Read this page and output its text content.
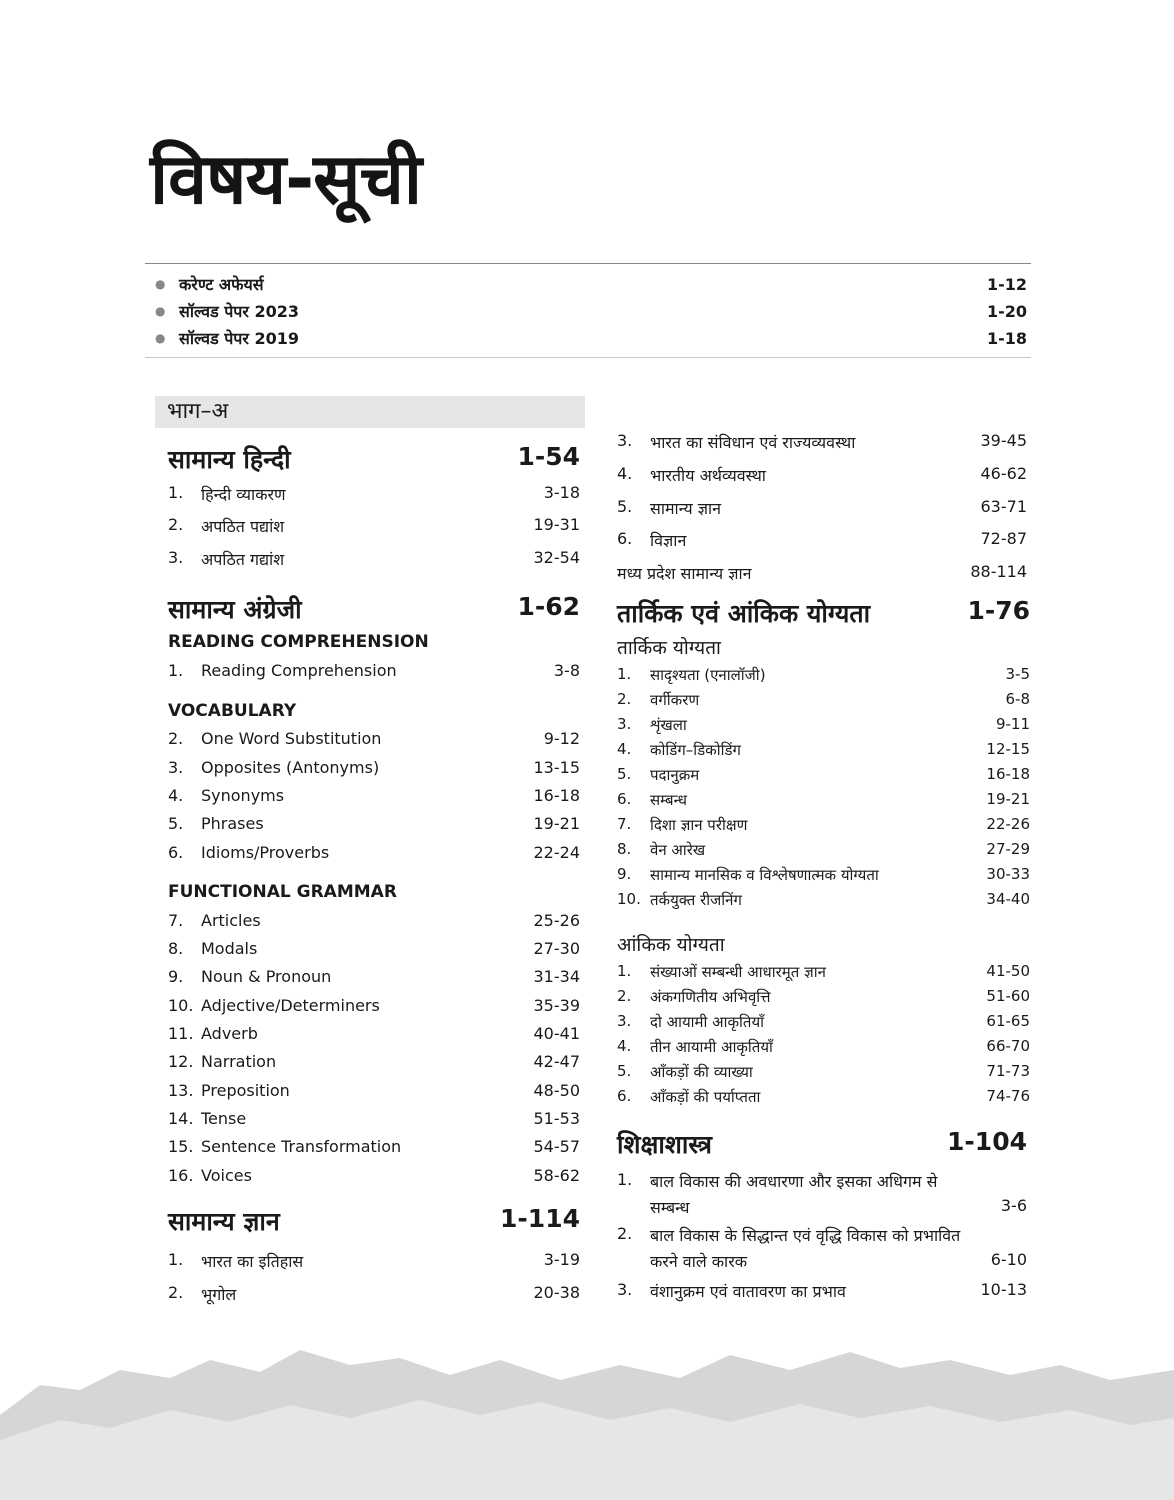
विषय-सूची
● करेण्ट अफेयर्स	1-12
● सॉल्वड पेपर 2023	1-20
● सॉल्वड पेपर 2019	1-18
भाग–अ
सामान्य हिन्दी	1-54
1.	हिन्दी व्याकरण	3-18
2.	अपठित पद्यांश	19-31
3.	अपठित गद्यांश	32-54
सामान्य अंग्रेजी	1-62
READING COMPREHENSION
1.	Reading Comprehension	3-8
VOCABULARY
2.	One Word Substitution	9-12
3.	Opposites (Antonyms)	13-15
4.	Synonyms	16-18
5.	Phrases	19-21
6.	Idioms/Proverbs	22-24
FUNCTIONAL GRAMMAR
7.	Articles	25-26
8.	Modals	27-30
9.	Noun & Pronoun	31-34
10. Adjective/Determiners	35-39
11. Adverb	40-41
12. Narration	42-47
13. Preposition	48-50
14. Tense	51-53
15. Sentence Transformation	54-57
16. Voices	58-62
सामान्य ज्ञान	1-114
1.	भारत का इतिहास	3-19
2.	भूगोल	20-38
3.	भारत का संविधान एवं राज्यव्यवस्था	39-45
4.	भारतीय अर्थव्यवस्था	46-62
5.	सामान्य ज्ञान	63-71
6.	विज्ञान	72-87
मध्य प्रदेश सामान्य ज्ञान	88-114
तार्किक एवं आंकिक योग्यता	1-76
तार्किक योग्यता
1.	सादृश्यता (एनालॉजी)	3-5
2.	वर्गीकरण	6-8
3.	शृंखला	9-11
4.	कोडिंग–डिकोडिंग	12-15
5.	पदानुक्रम	16-18
6.	सम्बन्ध	19-21
7.	दिशा ज्ञान परीक्षण	22-26
8.	वेन आरेख	27-29
9.	सामान्य मानसिक व विश्लेषणात्मक योग्यता	30-33
10. तर्कयुक्त रीजनिंग	34-40
आंकिक योग्यता
1.	संख्याओं सम्बन्धी आधारमूत ज्ञान	41-50
2.	अंकगणितीय अभिवृत्ति	51-60
3.	दो आयामी आकृतियाँ	61-65
4.	तीन आयामी आकृतियाँ	66-70
5.	आँकड़ों की व्याख्या	71-73
6.	आँकड़ों की पर्याप्तता	74-76
शिक्षाशास्त्र	1-104
1.	बाल विकास की अवधारणा और इसका अधिगम से
सम्बन्ध	3-6
2.	बाल विकास के सिद्धान्त एवं वृद्धि विकास को प्रभावित
करने वाले कारक	6-10
3.	वंशानुक्रम एवं वातावरण का प्रभाव	10-13
